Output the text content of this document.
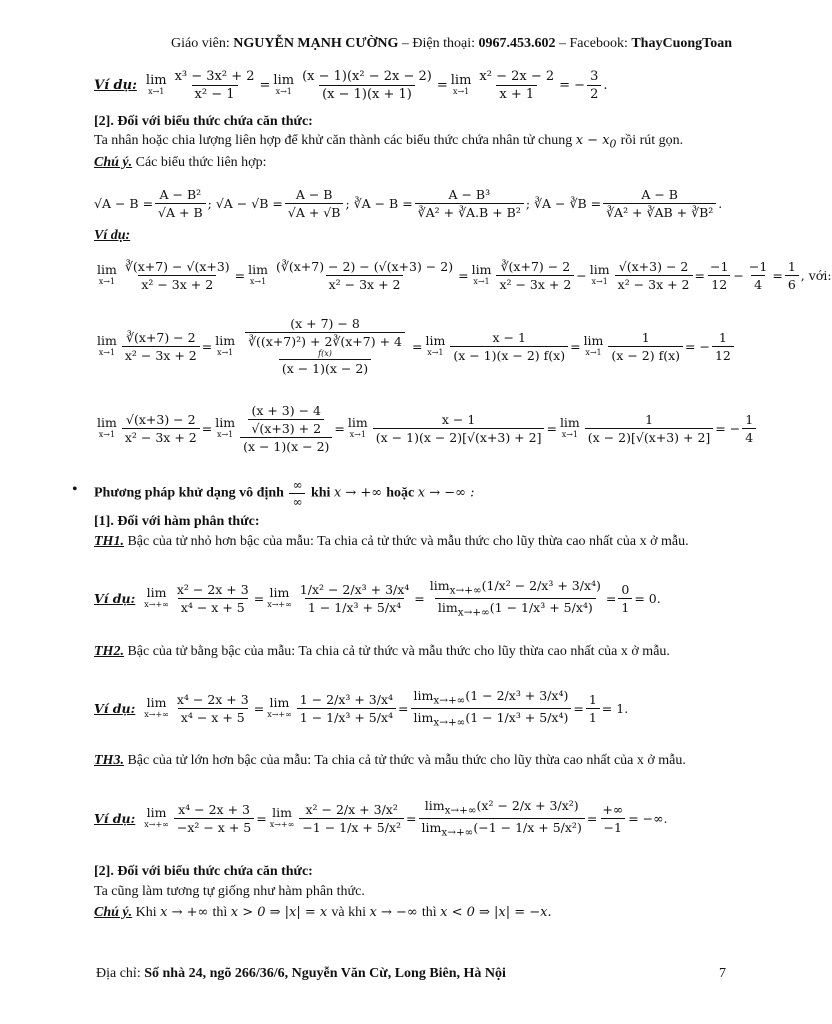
Giáo viên: NGUYỄN MẠNH CƯỜNG – Điện thoại: 0967.453.602 – Facebook: ThayCuongToan
Ví dụ: lim
$x\to 1 \frac{\text{x³ − 3x² + 2}}{\text{x² − 1}} = \lim$
$x\to 1 \frac{\text{(x − 1)(x² − 2x − 2)}}{(x - 1)(x + 1)} = \lim$
$x\to 1 \frac{\text{x² − 2x − 2}}{x + 1}$ = − $\frac{3}{2}$ .
[2]. Đối với biểu thức chứa căn thức:
Ta nhân hoặc chia lượng liên hợp để khử căn thành các biểu thức chứa nhân tử chung $x - x_0$ rồi rút gọn.
Chú ý. Các biểu thức liên hợp:
$√A - B = \frac{\text{A − B²}}{√A + B}$ ; $√A - √B = \frac{A - B}{√A + √B}$ ; ∛A − $B = \frac{\text{A − B³}}{\text{∛A² + ∛A.B + B²}}$ ; ∛A − ∛B = $\frac{A - B}{\text{∛A² + ∛AB + ∛B²}}$ .
Ví dụ:
lim
$x\to 1 \frac{∛(x+7) - √(x+3)}{\text{x² − 3x + 2}} = \lim$
$x\to 1 \frac{(∛(x+7) - 2) - (√(x+3) - 2)}{\text{x² − 3x + 2}} = \lim$
$x\to 1 \frac{∛(x+7) - 2}{\text{x² − 3x + 2}} - \lim$
$x\to 1 \frac{√(x+3) - 2}{\text{x² − 3x + 2}} = \frac{-1}{12} - \frac{-1}{4} = \frac{1}{6}$ , với:
lim
$x\to 1 \frac{∛(x+7) - 2}{\text{x² − 3x + 2}} = \lim$
$x\to 1 \frac{(x + 7) - 8}{\text{∛((x+7)²) + 2∛(x+7) + 4}}$
f(x)
(x − 1)(x − 2) = lim
$x\to 1 \frac{x - 1}{(x - 1)(x - 2) f(x)} = \lim$
$x\to 1 \frac{1}{(x - 2) f(x)}$ = − $\frac{1}{12}$
lim
$x\to 1 \frac{√(x+3) - 2}{\text{x² − 3x + 2}} = \lim$
$x\to 1 \frac{\frac{(x + 3) - 4}{√(x+3) + 2}}{(x - 1)(x - 2)} = \lim$
$x\to 1 \frac{x - 1}{(x - 1)(x - 2)[√(x+3) + 2]} = \lim$
$x\to 1 \frac{1}{(x - 2)[√(x+3) + 2]}$ = − $\frac{1}{4}$
• Phương pháp khử dạng vô định $\frac{\infty}{\infty}$ khi x → +∞ hoặc x → −∞ :
[1]. Đối với hàm phân thức:
TH1. Bậc của tử nhỏ hơn bậc của mẫu: Ta chia cả tử thức và mẫu thức cho lũy thừa cao nhất của x ở mẫu.
Ví dụ: lim
$x\to+\infty \frac{\text{x² − 2x + 3}}{\text{x⁴ − x + 5}} = \lim$
$x\to+\infty \frac{\text{1/x² − 2/x³ + 3/x⁴}}{\text{1 − 1/x³ + 5/x⁴}} = \frac{\lim_{x\to+\infty}(1/x^2 - 2/x^3 + 3/x^4)}{\lim_{x\to+\infty}(1 - 1/x^3 + 5/x^4)} = \frac{0}{1} = 0$.
TH2. Bậc của tử bằng bậc của mẫu: Ta chia cả tử thức và mẫu thức cho lũy thừa cao nhất của x ở mẫu.
Ví dụ: lim
$x\to+\infty \frac{\text{x⁴ − 2x + 3}}{\text{x⁴ − x + 5}} = \lim$
$x\to+\infty \frac{\text{1 − 2/x³ + 3/x⁴}}{\text{1 − 1/x³ + 5/x⁴}} = \frac{\lim_{x\to+\infty}(1 - 2/x^3 + 3/x^4)}{\lim_{x\to+\infty}(1 - 1/x^3 + 5/x^4)} = \frac{1}{1} = 1$.
TH3. Bậc của tử lớn hơn bậc của mẫu: Ta chia cả tử thức và mẫu thức cho lũy thừa cao nhất của x ở mẫu.
Ví dụ: lim
$x\to+\infty \frac{\text{x⁴ − 2x + 3}}{\text{−x² − x + 5}} = \lim$
$x\to+\infty \frac{\text{x² − 2/x + 3/x²}}{\text{−1 − 1/x + 5/x²}} = \frac{\lim_{x\to+\infty}(x^2 - 2/x + 3/x^2)}{\lim_{x\to+\infty}(-1 - 1/x + 5/x^2)} = \frac{+\infty}{-1}$ = −∞.
[2]. Đối với biểu thức chứa căn thức:
Ta cũng làm tương tự giống như hàm phân thức.
Chú ý. Khi x → +∞ thì x > 0 ⇒ |x| = x và khi x → −∞ thì x < 0 ⇒ |x| = −x.
Địa chỉ: Số nhà 24, ngõ 266/36/6, Nguyễn Văn Cừ, Long Biên, Hà Nội	7
